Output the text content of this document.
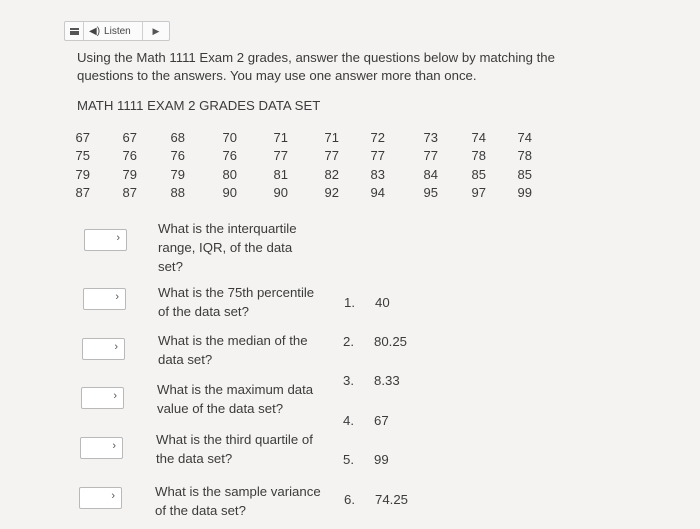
◀) Listen	▶
Using the Math 1111 Exam 2 grades, answer the questions below by matching the questions to the answers. You may use one answer more than once.
MATH 1111 EXAM 2 GRADES DATA SET
67	67	68	70	71	71	72	73	74	74
75	76	76	76	77	77	77	77	78	78
79	79	79	80	81	82	83	84	85	85
87	87	88	90	90	92	94	95	97	99
›
›
›
›
›
›
What is the interquartile range, IQR, of the data set?
What is the 75th percentile of the data set?
What is the median of the data set?
What is the maximum data value of the data set?
What is the third quartile of the data set?
What is the sample variance of the data set?
1. 40
2. 80.25
3. 8.33
4. 67
5. 99
6. 74.25
